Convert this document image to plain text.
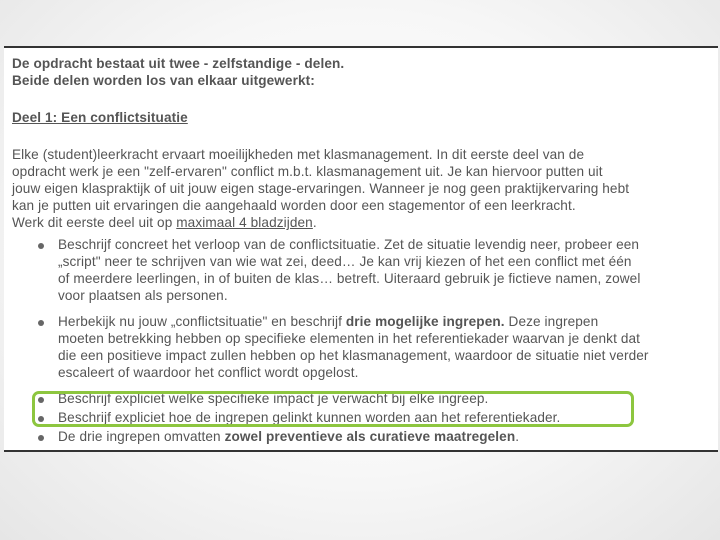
De opdracht bestaat uit twee - zelfstandige - delen.
Beide delen worden los van elkaar uitgewerkt:
Deel 1: Een conflictsituatie
Elke (student)leerkracht ervaart moeilijkheden met klasmanagement. In dit eerste deel van de
opdracht werk je een "zelf-ervaren" conflict m.b.t. klasmanagement uit. Je kan hiervoor putten uit
jouw eigen klaspraktijk of uit jouw eigen stage-ervaringen. Wanneer je nog geen praktijkervaring hebt
kan je putten uit ervaringen die aangehaald worden door een stagementor of een leerkracht.
Werk dit eerste deel uit op maximaal 4 bladzijden.
Beschrijf concreet het verloop van de conflictsituatie. Zet de situatie levendig neer, probeer een
„script" neer te schrijven van wie wat zei, deed… Je kan vrij kiezen of het een conflict met één
of meerdere leerlingen, in of buiten de klas… betreft. Uiteraard gebruik je fictieve namen, zowel
voor plaatsen als personen.
Herbekijk nu jouw „conflictsituatie" en beschrijf drie mogelijke ingrepen. Deze ingrepen
moeten betrekking hebben op specifieke elementen in het referentiekader waarvan je denkt dat
die een positieve impact zullen hebben op het klasmanagement, waardoor de situatie niet verder
escaleert of waardoor het conflict wordt opgelost.
Beschrijf expliciet welke specifieke impact je verwacht bij elke ingreep.
Beschrijf expliciet hoe de ingrepen gelinkt kunnen worden aan het referentiekader.
De drie ingrepen omvatten zowel preventieve als curatieve maatregelen.
